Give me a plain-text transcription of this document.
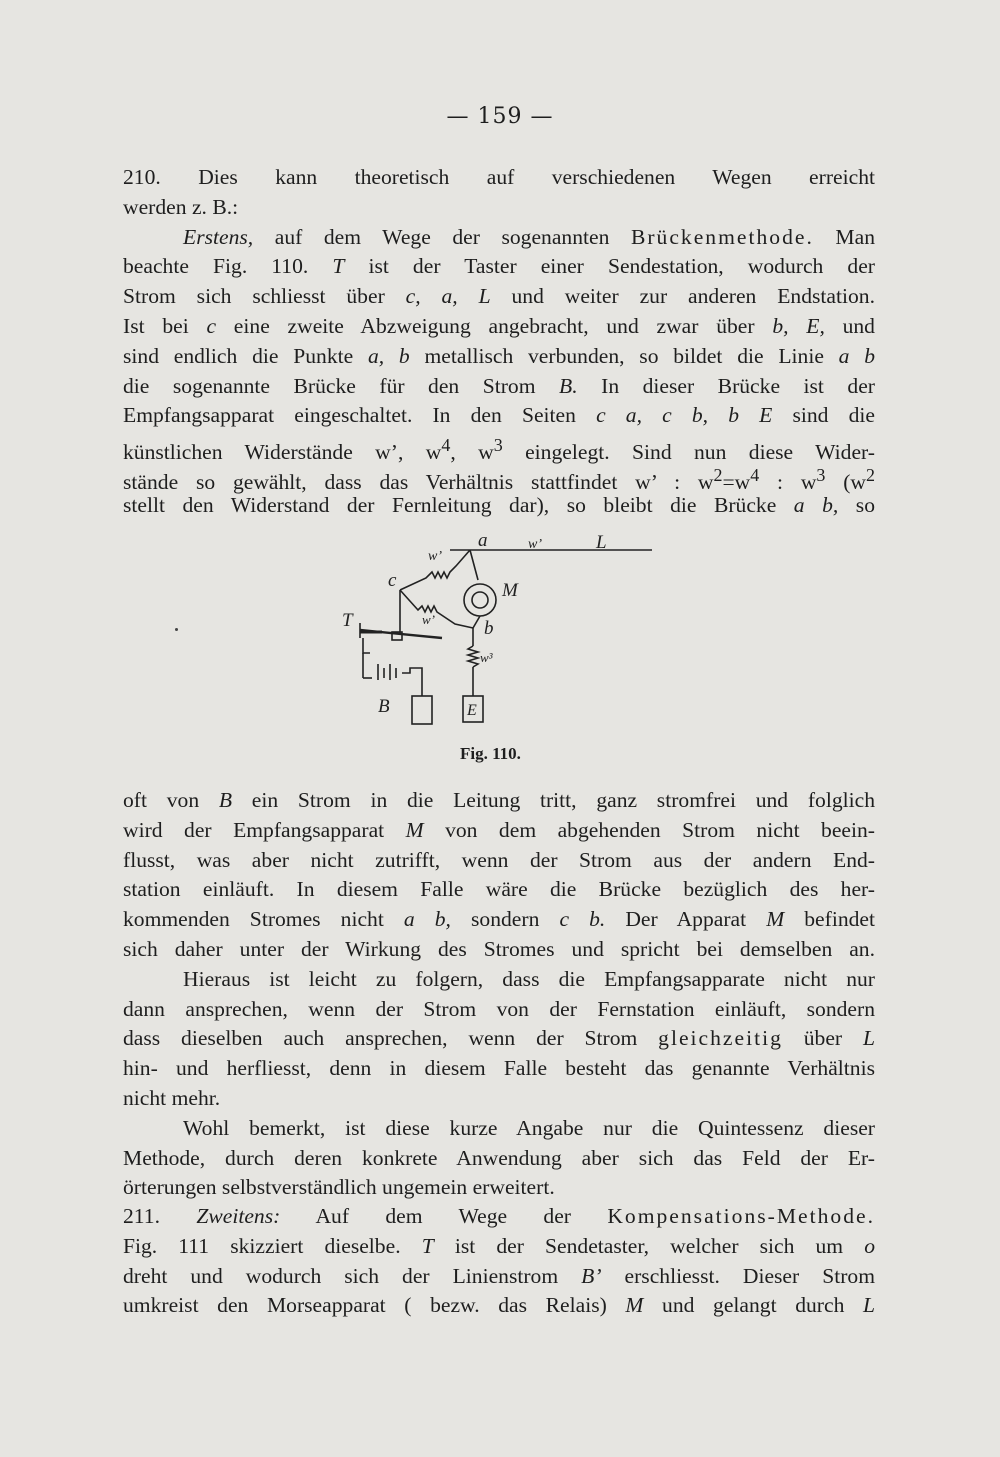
— 159 —
210. Dies kann theoretisch auf verschiedenen Wegen erreicht
werden z. B.:
Erstens, auf dem Wege der sogenannten Brückenmethode. Man
beachte Fig. 110. T ist der Taster einer Sendestation, wodurch der
Strom sich schliesst über c, a, L und weiter zur anderen Endstation.
Ist bei c eine zweite Abzweigung angebracht, und zwar über b, E, und
sind endlich die Punkte a, b metallisch verbunden, so bildet die Linie a b
die sogenannte Brücke für den Strom B. In dieser Brücke ist der
Empfangsapparat eingeschaltet. In den Seiten c a, c b, b E sind die
künstlichen Widerstände w’, $w^4$, $w^3$ eingelegt. Sind nun diese Wider-
stände so gewählt, dass das Verhältnis stattfindet w’ : $w^2=w^4$ : $w^3$ ($w^2$
stellt den Widerstand der Fernleitung dar), so bleibt die Brücke a b, so
a	L
w’
w’
c	M
b
w’
w³
T
B	E
Fig. 110.
oft von B ein Strom in die Leitung tritt, ganz stromfrei und folglich
wird der Empfangsapparat M von dem abgehenden Strom nicht beein-
flusst, was aber nicht zutrifft, wenn der Strom aus der andern End-
station einläuft. In diesem Falle wäre die Brücke bezüglich des her-
kommenden Stromes nicht a b, sondern c b. Der Apparat M befindet
sich daher unter der Wirkung des Stromes und spricht bei demselben an.
Hieraus ist leicht zu folgern, dass die Empfangsapparate nicht nur
dann ansprechen, wenn der Strom von der Fernstation einläuft, sondern
dass dieselben auch ansprechen, wenn der Strom gleichzeitig über L
hin- und herfliesst, denn in diesem Falle besteht das genannte Verhältnis
nicht mehr.
Wohl bemerkt, ist diese kurze Angabe nur die Quintessenz dieser
Methode, durch deren konkrete Anwendung aber sich das Feld der Er-
örterungen selbstverständlich ungemein erweitert.
211. Zweitens: Auf dem Wege der Kompensations-Methode.
Fig. 111 skizziert dieselbe. T ist der Sendetaster, welcher sich um o
dreht und wodurch sich der Linienstrom B’ erschliesst. Dieser Strom
umkreist den Morseapparat ( bezw. das Relais) M und gelangt durch L
